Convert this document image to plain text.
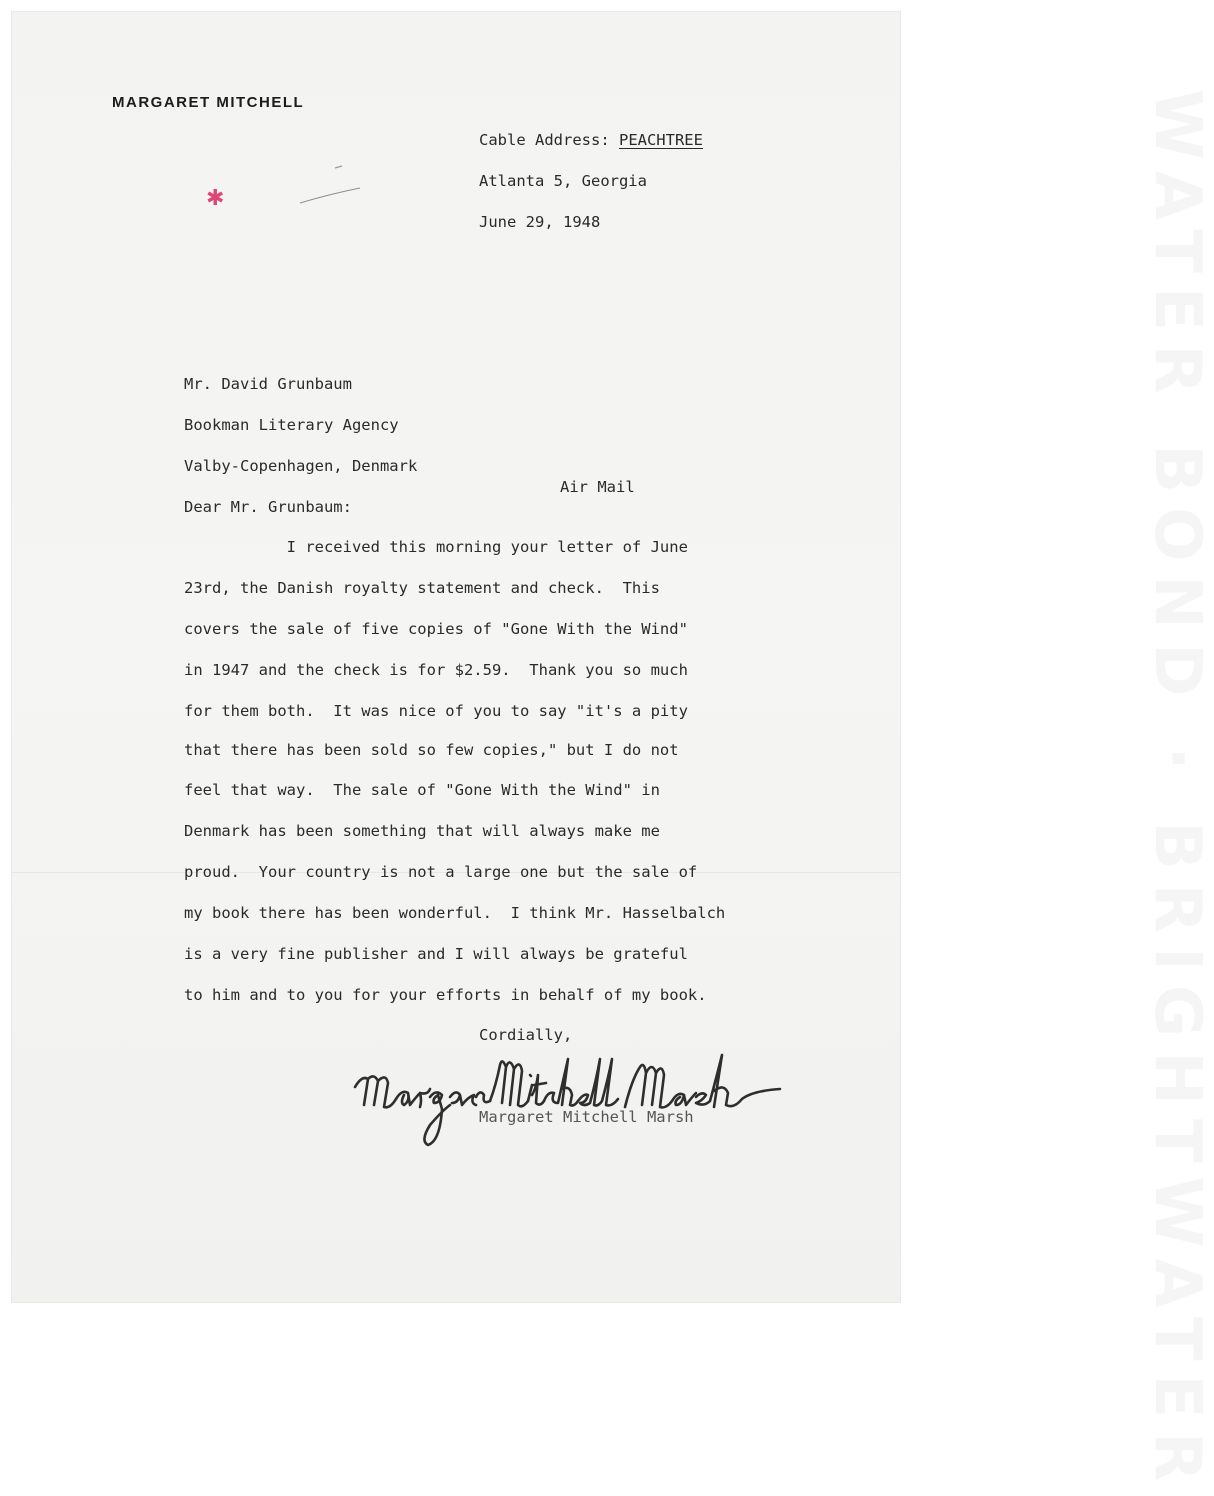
WATER BOND · BRIGHTWATER
MARGARET MITCHELL
Cable Address: PEACHTREE
Atlanta 5, Georgia
June 29, 1948
✱
Mr. David Grunbaum
Bookman Literary Agency
Valby-Copenhagen, Denmark
Air Mail
Dear Mr. Grunbaum:
I received this morning your letter of June
23rd, the Danish royalty statement and check.  This
covers the sale of five copies of "Gone With the Wind"
in 1947 and the check is for $2.59.  Thank you so much
for them both.  It was nice of you to say "it's a pity
that there has been sold so few copies," but I do not
feel that way.  The sale of "Gone With the Wind" in
Denmark has been something that will always make me
proud.  Your country is not a large one but the sale of
my book there has been wonderful.  I think Mr. Hasselbalch
is a very fine publisher and I will always be grateful
to him and to you for your efforts in behalf of my book.
Cordially,
Margaret Mitchell Marsh
